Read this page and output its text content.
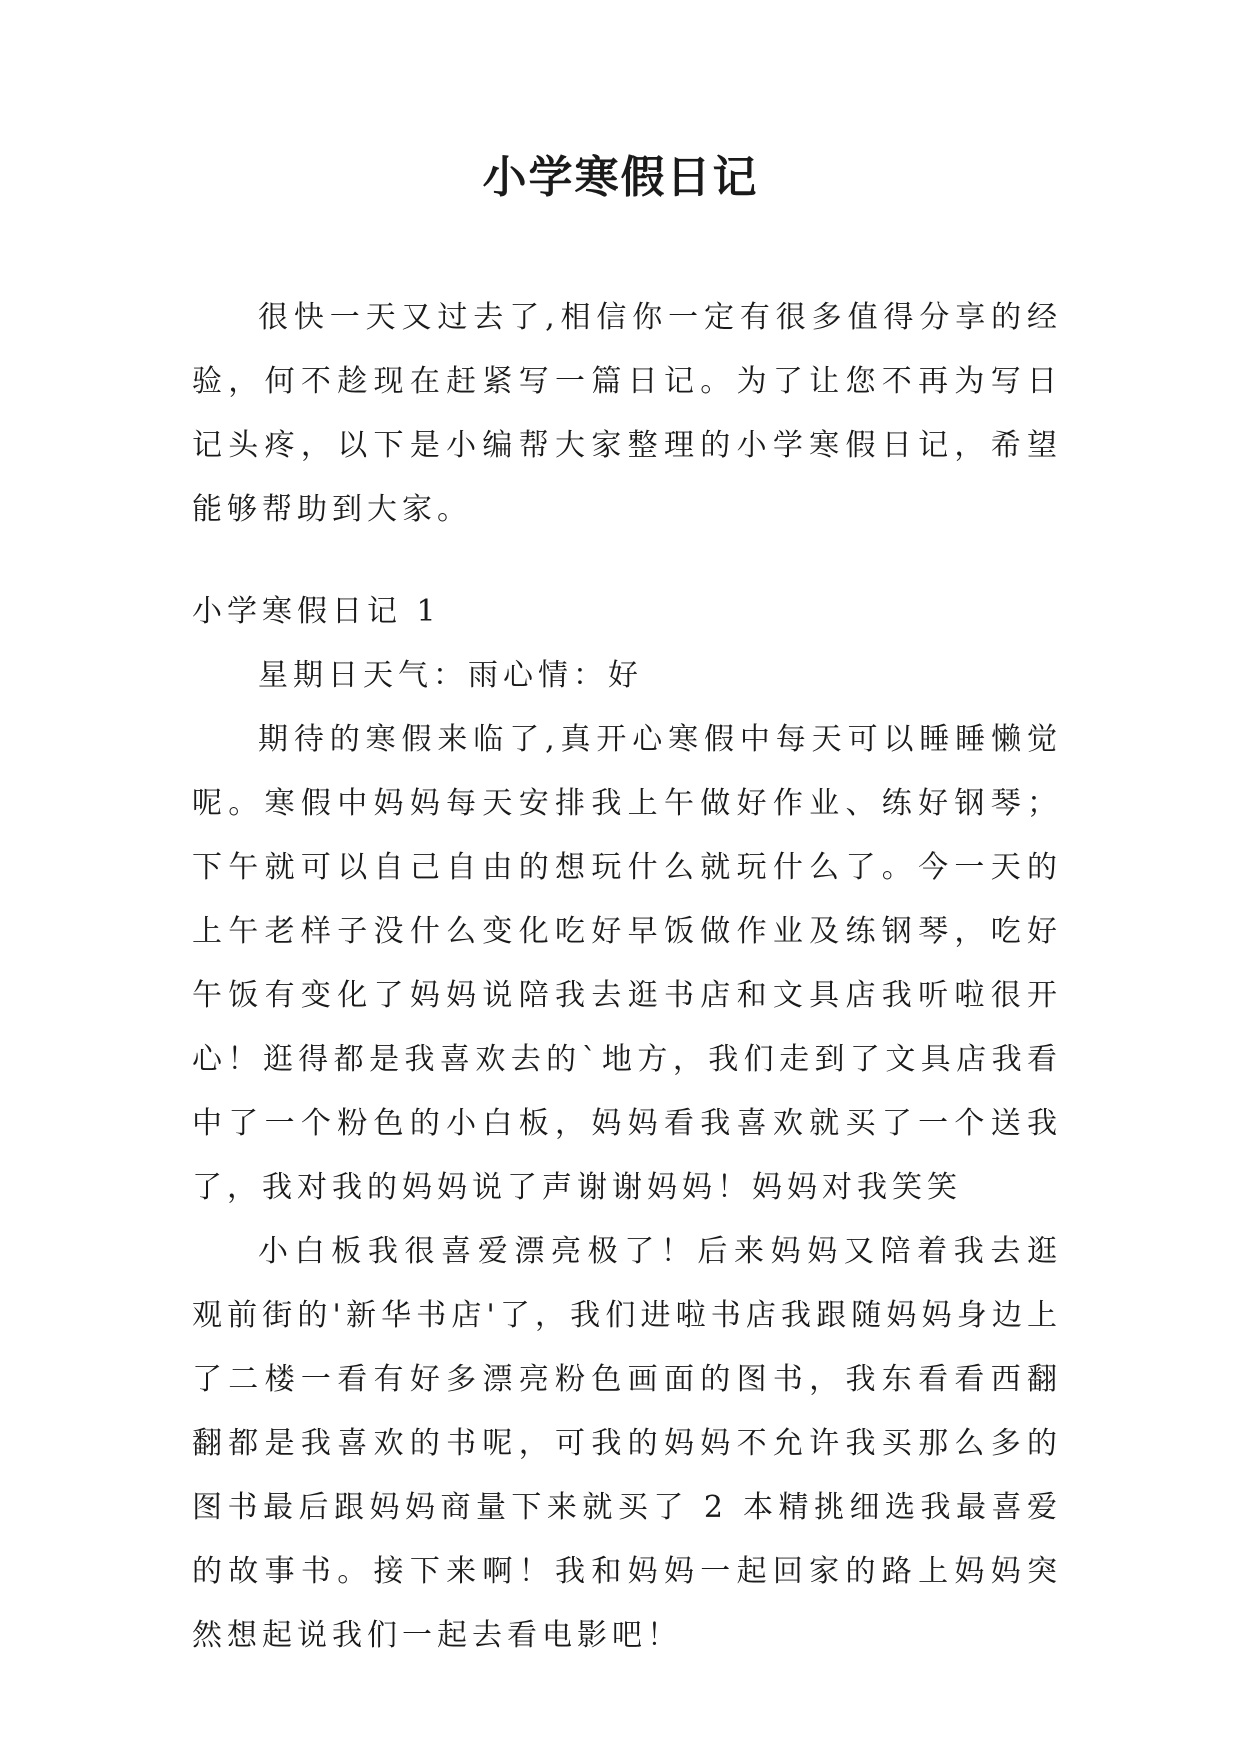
小学寒假日记

很快一天又过去了,相信你一定有很多值得分享的经验，何不趁现在赶紧写一篇日记。为了让您不再为写日记头疼，以下是小编帮大家整理的小学寒假日记，希望能够帮助到大家。

小学寒假日记 1

星期日天气：雨心情：好

期待的寒假来临了,真开心寒假中每天可以睡睡懒觉呢。寒假中妈妈每天安排我上午做好作业、练好钢琴；下午就可以自己自由的想玩什么就玩什么了。今一天的上午老样子没什么变化吃好早饭做作业及练钢琴，吃好午饭有变化了妈妈说陪我去逛书店和文具店我听啦很开心！逛得都是我喜欢去的`地方，我们走到了文具店我看中了一个粉色的小白板，妈妈看我喜欢就买了一个送我了，我对我的妈妈说了声谢谢妈妈！妈妈对我笑笑

小白板我很喜爱漂亮极了！后来妈妈又陪着我去逛观前街的'新华书店'了，我们进啦书店我跟随妈妈身边上了二楼一看有好多漂亮粉色画面的图书，我东看看西翻翻都是我喜欢的书呢，可我的妈妈不允许我买那么多的图书最后跟妈妈商量下来就买了 2 本精挑细选我最喜爱的故事书。接下来啊！我和妈妈一起回家的路上妈妈突然想起说我们一起去看电影吧！
